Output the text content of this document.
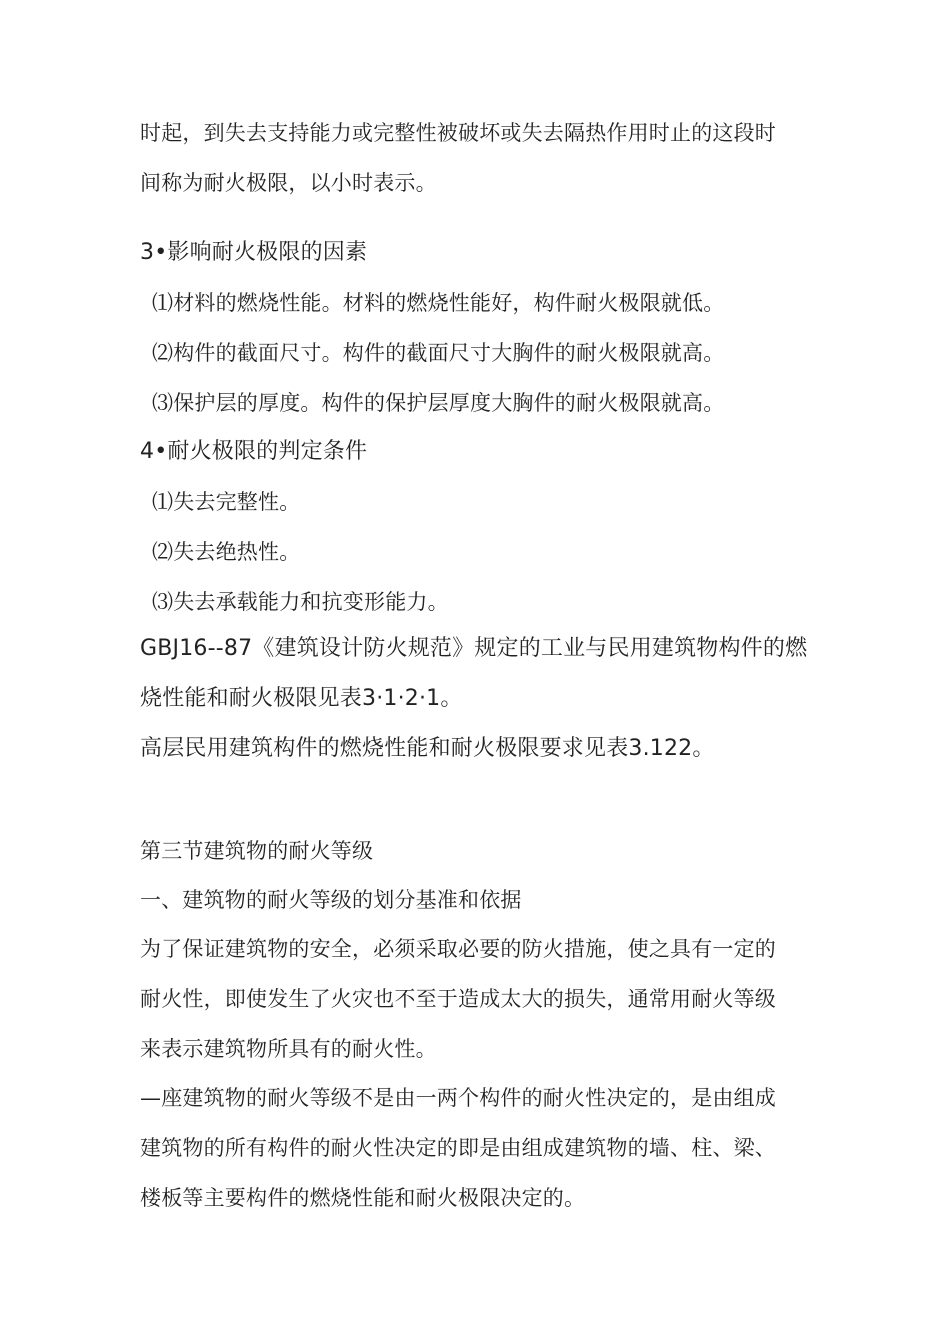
时起，到失去支持能力或完整性被破坏或失去隔热作用时止的这段时
间称为耐火极限，以小时表示。
3•影响耐火极限的因素
⑴材料的燃烧性能。材料的燃烧性能好，构件耐火极限就低。
⑵构件的截面尺寸。构件的截面尺寸大胸件的耐火极限就高。
⑶保护层的厚度。构件的保护层厚度大胸件的耐火极限就高。
4•耐火极限的判定条件
⑴失去完整性。
⑵失去绝热性。
⑶失去承载能力和抗变形能力。
GBJ16--87《建筑设计防火规范》规定的工业与民用建筑物构件的燃
烧性能和耐火极限见表3·1·2·1。
高层民用建筑构件的燃烧性能和耐火极限要求见表3.122。
第三节建筑物的耐火等级
一、建筑物的耐火等级的划分基准和依据
为了保证建筑物的安全，必须采取必要的防火措施，使之具有一定的
耐火性，即使发生了火灾也不至于造成太大的损失，通常用耐火等级
来表示建筑物所具有的耐火性。
—座建筑物的耐火等级不是由一两个构件的耐火性决定的，是由组成
建筑物的所有构件的耐火性决定的即是由组成建筑物的墙、柱、梁、
楼板等主要构件的燃烧性能和耐火极限决定的。
